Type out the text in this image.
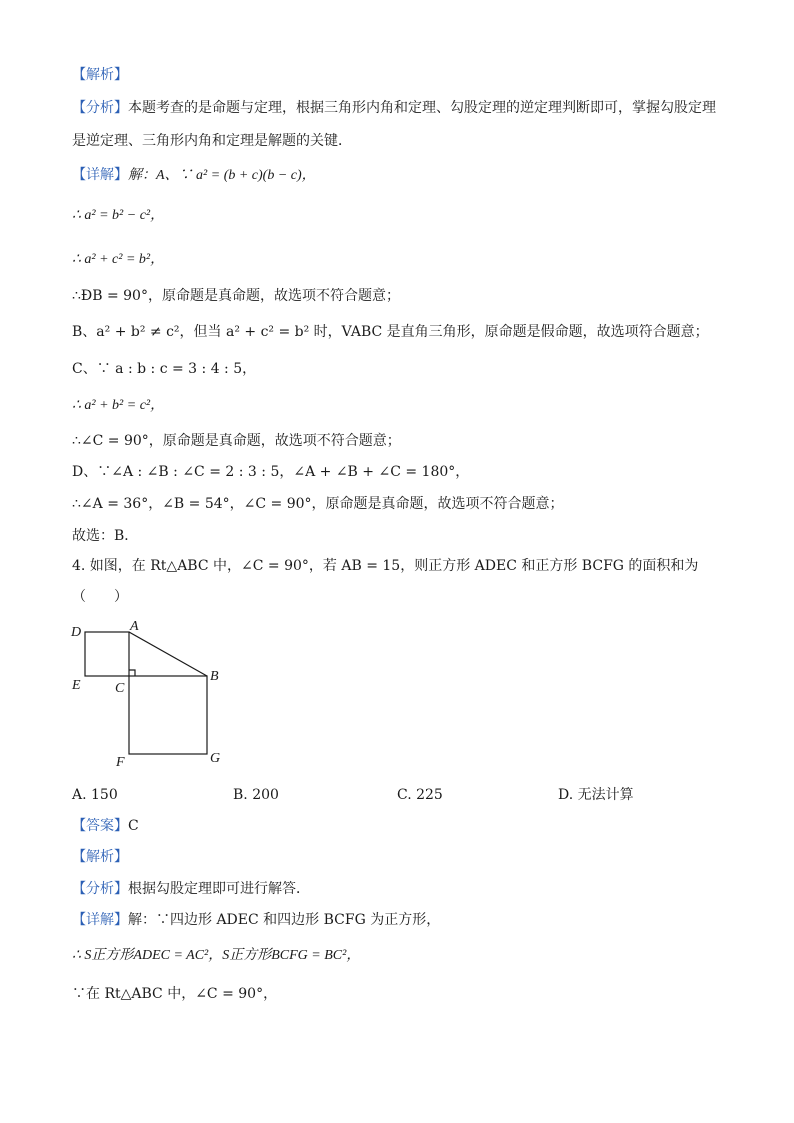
【解析】
【分析】本题考查的是命题与定理，根据三角形内角和定理、勾股定理的逆定理判断即可，掌握勾股定理
是逆定理、三角形内角和定理是解题的关键．
【详解】解：A、∵ a² = (b + c)(b − c)，
∴ a² = b² − c²，
∴ a² + c² = b²，
∴ÐB = 90°，原命题是真命题，故选项不符合题意；
B、a² + b² ≠ c²，但当 a² + c² = b² 时，VABC 是直角三角形，原命题是假命题，故选项符合题意；
C、∵ a : b : c = 3 : 4 : 5，
∴ a² + b² = c²，
∴∠C = 90°，原命题是真命题，故选项不符合题意；
D、∵∠A : ∠B : ∠C = 2 : 3 : 5，∠A + ∠B + ∠C = 180°，
∴∠A = 36°，∠B = 54°，∠C = 90°，原命题是真命题，故选项不符合题意；
故选：B．
4. 如图，在 Rt△ABC 中，∠C = 90°，若 AB = 15，则正方形 ADEC 和正方形 BCFG 的面积和为
（　　）
D	A
E C
B
F	G
A. 150	B. 200	C. 225	D. 无法计算
【答案】C
【解析】
【分析】根据勾股定理即可进行解答．
【详解】解：∵四边形 ADEC 和四边形 BCFG 为正方形，
∴ S正方形ADEC = AC²，S正方形BCFG = BC²，
∵在 Rt△ABC 中，∠C = 90°，
